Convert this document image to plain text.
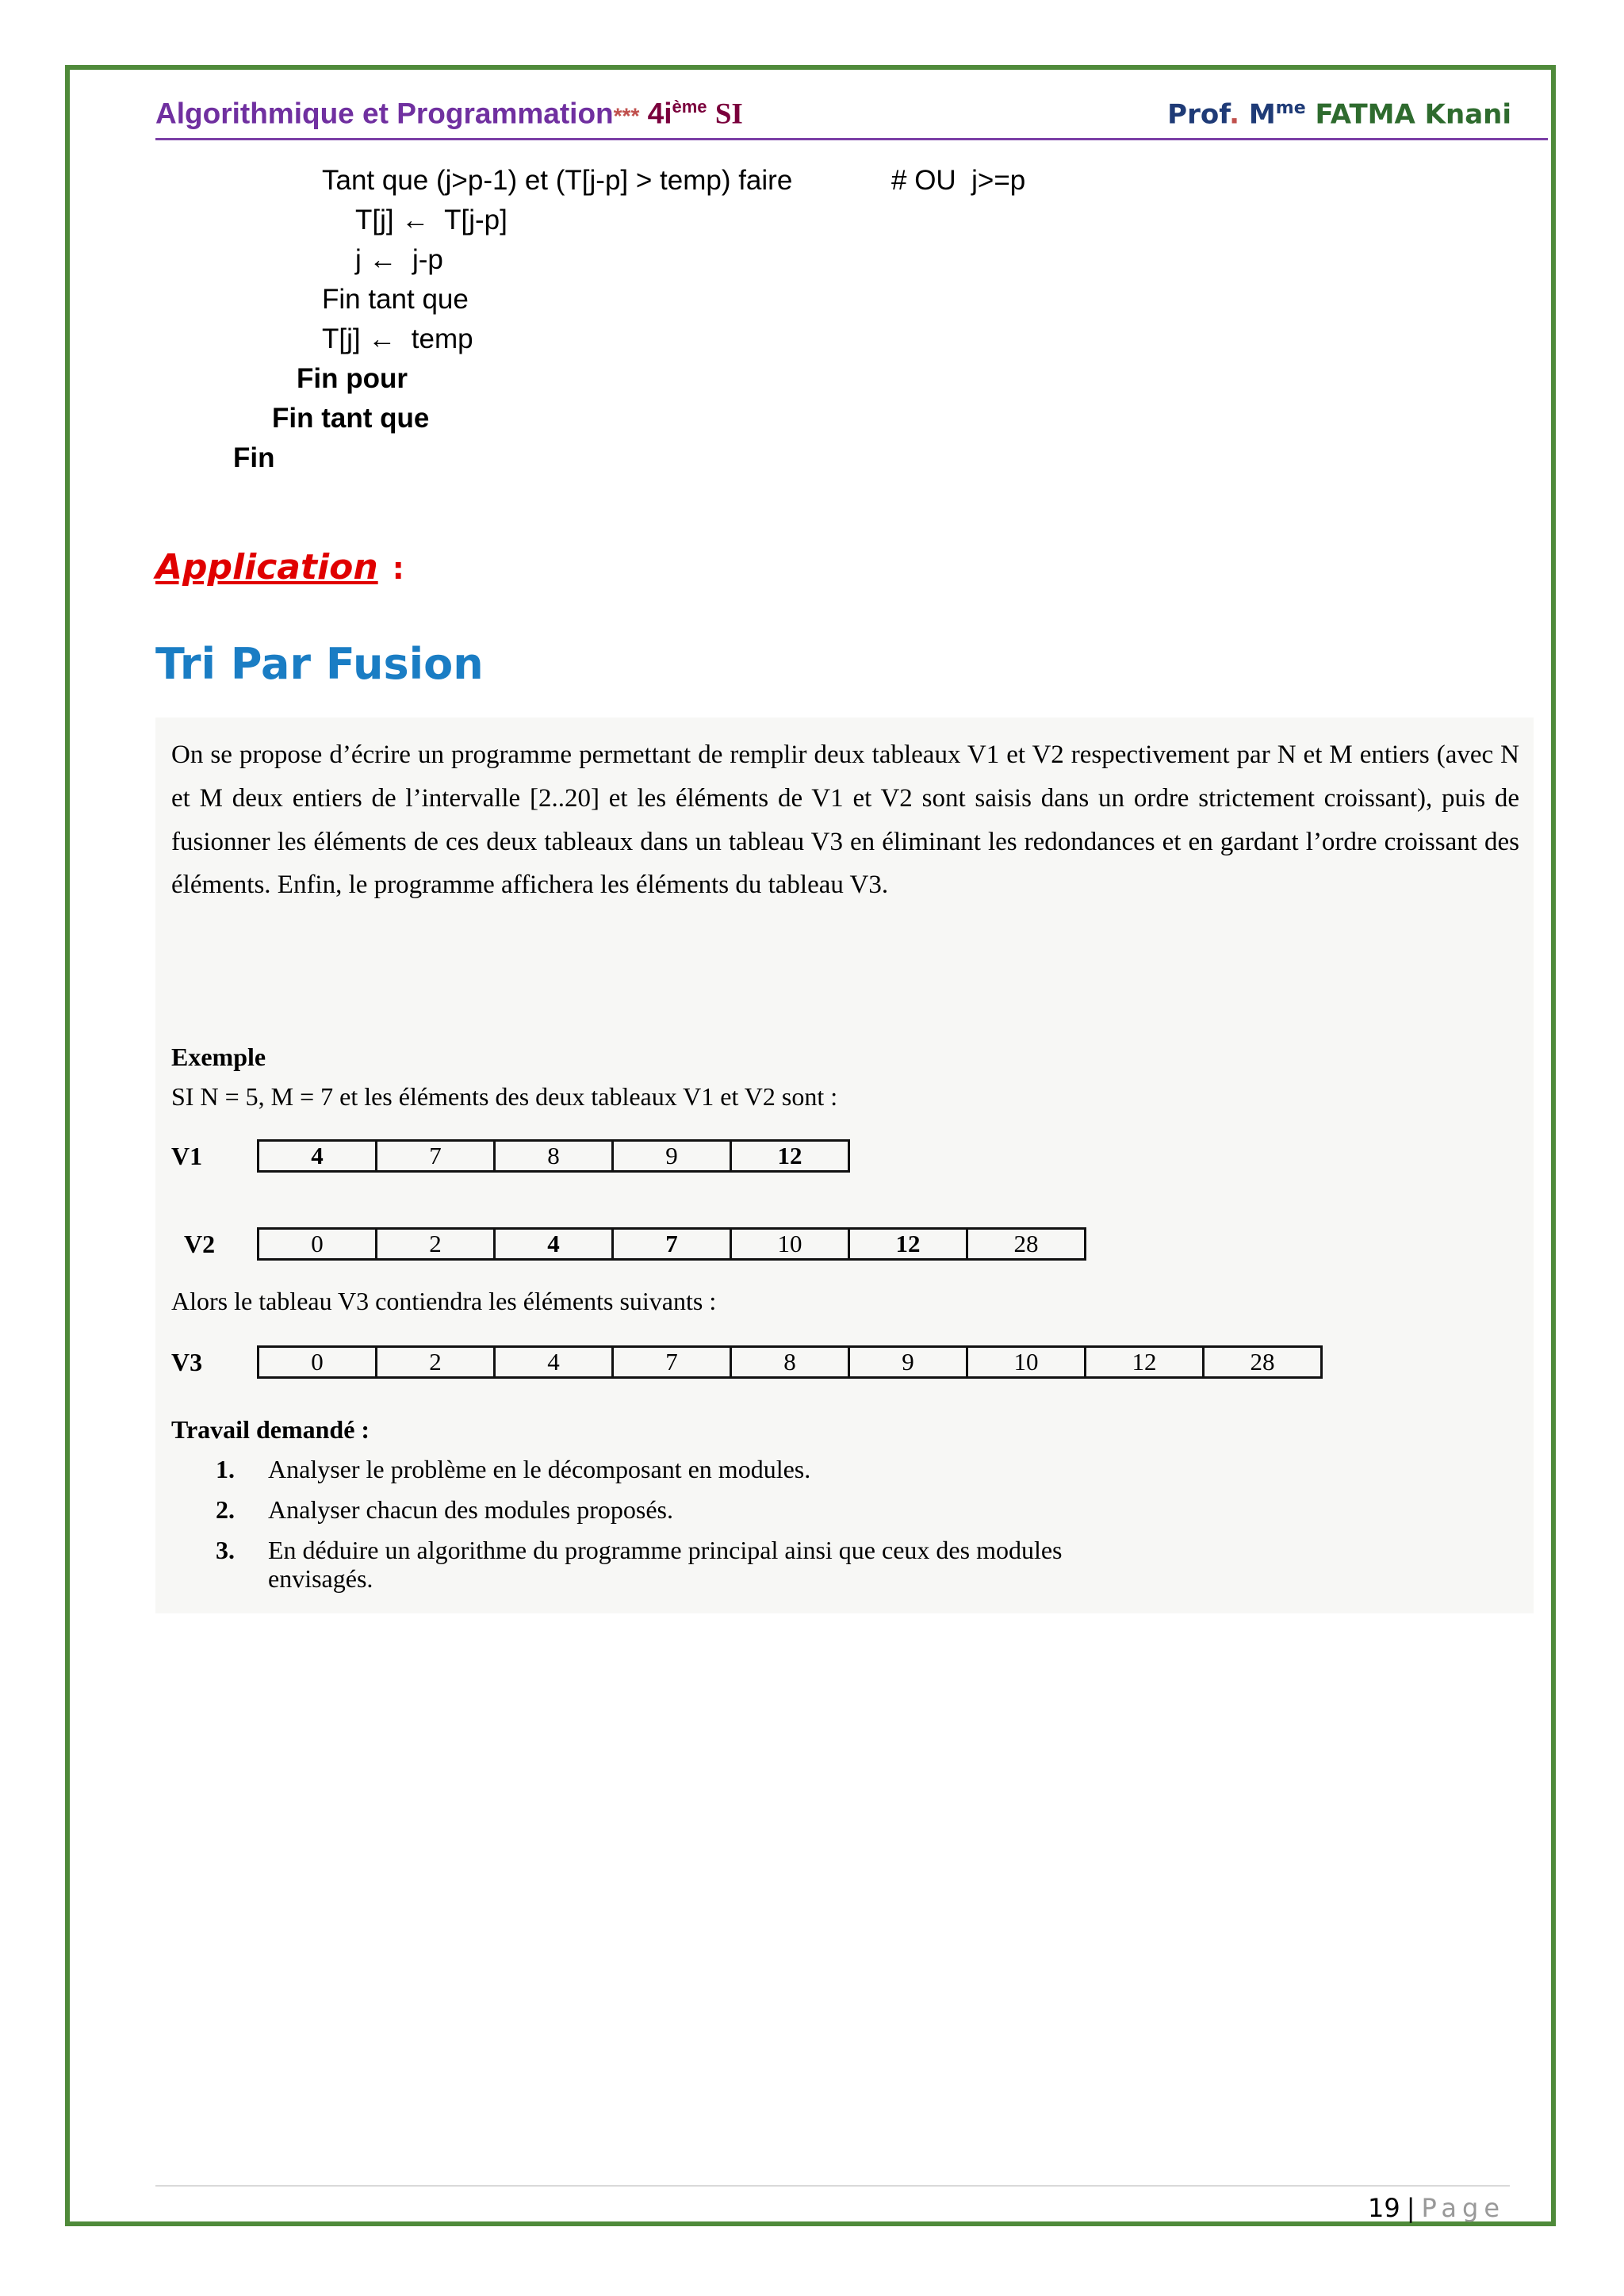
Algorithmique et Programmation*** $4i^{ème}$ SI	Prof. $M^{me}$ FATMA Knani
Tant que (j>p-1) et (T[j-p] > temp) faire	# OU  j>=p
T[j] ←  T[j-p]
j ←  j-p
Fin tant que
T[j] ←  temp
Fin pour
Fin tant que
Fin
Application :
Tri Par Fusion
On se propose d’écrire un programme permettant de remplir deux tableaux V1 et V2 respectivement par N et M entiers (avec N et M deux entiers de l’intervalle [2..20] et les éléments de V1 et V2 sont saisis dans un ordre strictement croissant), puis de fusionner les éléments de ces deux tableaux dans un tableau V3 en éliminant les redondances et en gardant l’ordre croissant des éléments. Enfin, le programme affichera les éléments du tableau V3.
Exemple
SI N = 5, M = 7 et les éléments des deux tableaux V1 et V2 sont :
V1	4	7	8	9	12
V2	0	2	4	7	10	12	28
Alors le tableau V3 contiendra les éléments suivants :
V3	0	2	4	7	8	9	10	12	28
Travail demandé :
1. Analyser le problème en le décomposant en modules.
2. Analyser chacun des modules proposés.
3. En déduire un algorithme du programme principal ainsi que ceux des modules
envisagés.
19 | Page
